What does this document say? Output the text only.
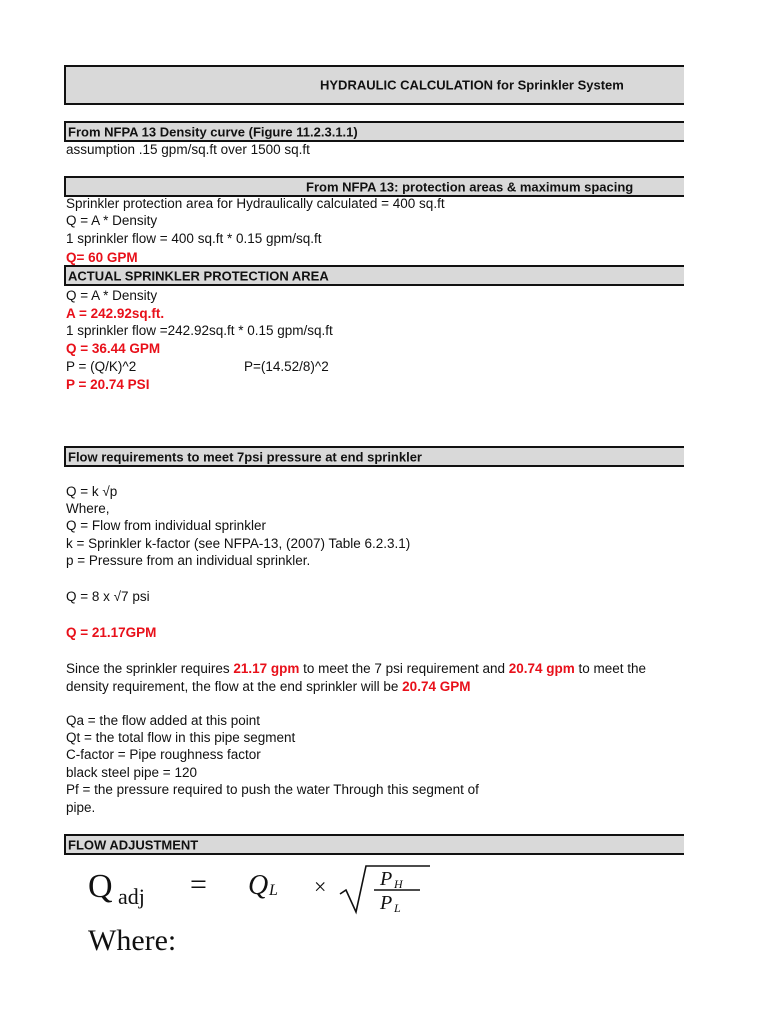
HYDRAULIC CALCULATION for Sprinkler System
From NFPA 13 Density curve (Figure 11.2.3.1.1)
assumption .15 gpm/sq.ft over 1500 sq.ft
From NFPA 13: protection areas & maximum spacing
Sprinkler protection area for Hydraulically calculated = 400 sq.ft
Q = A * Density
1 sprinkler flow = 400 sq.ft * 0.15 gpm/sq.ft
Q= 60 GPM
ACTUAL SPRINKLER PROTECTION AREA
Q = A * Density
A = 242.92sq.ft.
1 sprinkler flow =242.92sq.ft * 0.15 gpm/sq.ft
Q = 36.44 GPM
P = (Q/K)^2	P=(14.52/8)^2
P = 20.74 PSI
Flow requirements to meet 7psi pressure at end sprinkler
Q = k √p
Where,
Q = Flow from individual sprinkler
k = Sprinkler k-factor (see NFPA-13, (2007) Table 6.2.3.1)
p = Pressure from an individual sprinkler.
Q = 8 x √7 psi
Q = 21.17GPM
Since the sprinkler requires 21.17 gpm to meet the 7 psi requirement and 20.74 gpm to meet the
density requirement, the flow at the end sprinkler will be 20.74 GPM
Qa = the flow added at this point
Qt = the total flow in this pipe segment
C-factor = Pipe roughness factor
black steel pipe = 120
Pf = the pressure required to push the water Through this segment of
pipe.
FLOW ADJUSTMENT
Q adj = Q L ×	P H
P L
Where:
